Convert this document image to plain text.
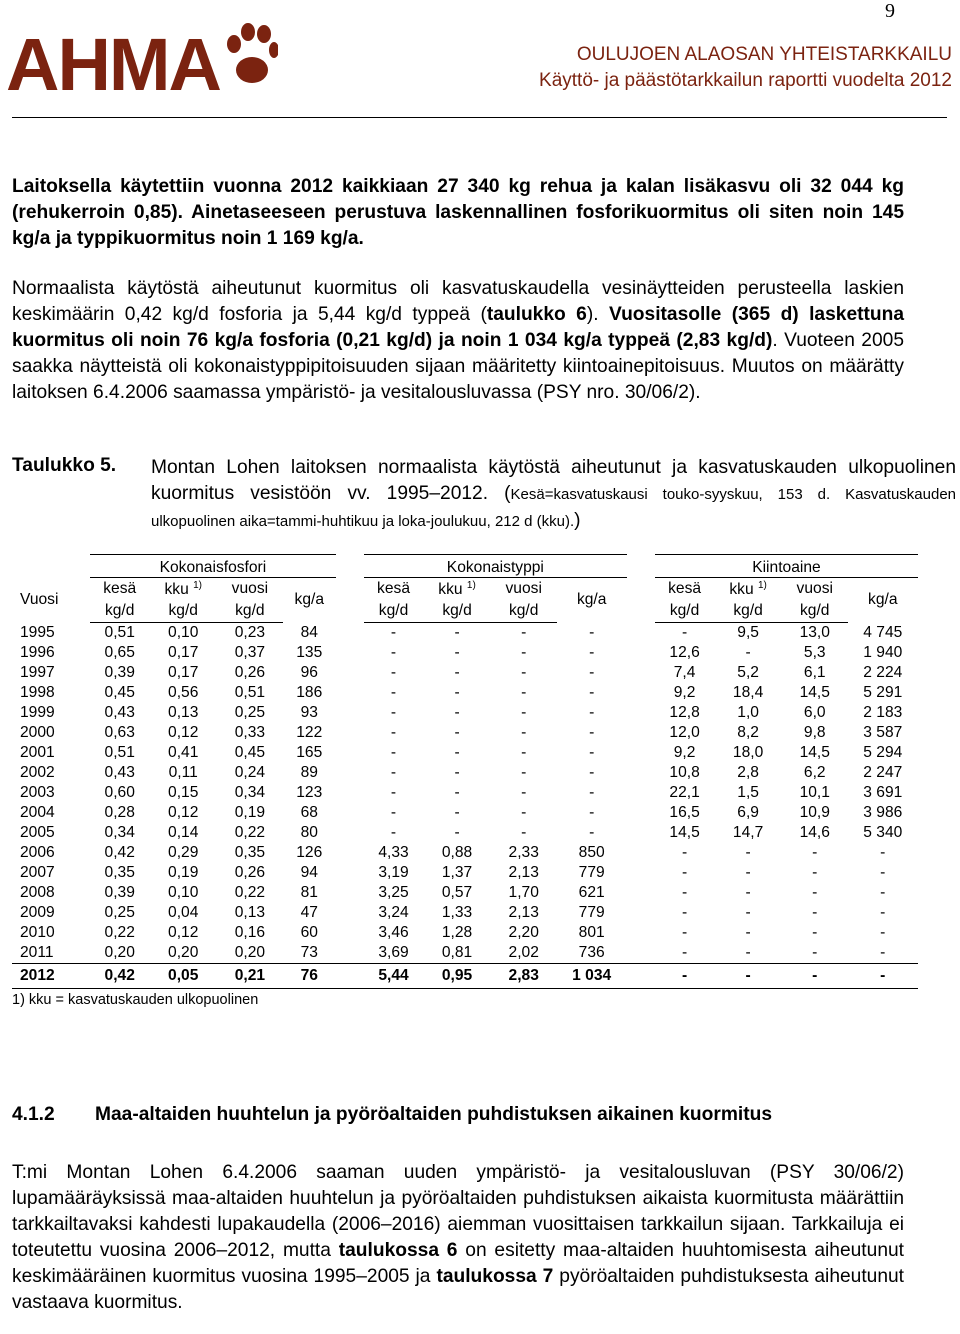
9
AHMA	OULUJOEN ALAOSAN YHTEISTARKKAILU
Käyttö- ja päästötarkkailun raportti vuodelta 2012
Laitoksella käytettiin vuonna 2012 kaikkiaan 27 340 kg rehua ja kalan lisäkasvu oli 32 044 kg (rehukerroin 0,85). Ainetaseeseen perustuva laskennallinen fosforikuormitus oli siten noin 145 kg/a ja typpikuormitus noin 1 169 kg/a.
Normaalista käytöstä aiheutunut kuormitus oli kasvatuskaudella vesinäytteiden perusteella laskien keskimäärin 0,42 kg/d fosforia ja 5,44 kg/d typpeä (taulukko 6). Vuositasolle (365 d) laskettuna kuormitus oli noin 76 kg/a fosforia (0,21 kg/d) ja noin 1 034 kg/a typpeä (2,83 kg/d). Vuoteen 2005 saakka näytteistä oli kokonaistyppipitoisuuden sijaan määritetty kiintoainepitoisuus. Muutos on määrätty laitoksen 6.4.2006 saamassa ympäristö- ja vesitalousluvassa (PSY nro. 30/06/2).
Taulukko 5. Montan Lohen laitoksen normaalista käytöstä aiheutunut ja kasvatuskauden ulkopuolinen kuormitus vesistöön vv. 1995–2012. (Kesä=kasvatuskausi touko-syyskuu, 153 d. Kasvatuskauden ulkopuolinen aika=tammi-huhtikuu ja loka-joulukuu, 212 d (kku).)
	Kokonaisfosfori					Kokonaistyppi					Kiintoaine			
Vuosi	kesä	kku $^{1)}$	vuosi	kg/a		kesä	kku $^{1)}$	vuosi	kg/a		kesä	kku $^{1)}$	vuosi	kg/a
	kg/d	kg/d	kg/d			kg/d	kg/d	kg/d			kg/d	kg/d	kg/d	
1995	0,51	0,10	0,23	84		-	-	-	-		-	9,5	13,0	4 745
1996	0,65	0,17	0,37	135		-	-	-	-		12,6	-	5,3	1 940
1997	0,39	0,17	0,26	96		-	-	-	-		7,4	5,2	6,1	2 224
1998	0,45	0,56	0,51	186		-	-	-	-		9,2	18,4	14,5	5 291
1999	0,43	0,13	0,25	93		-	-	-	-		12,8	1,0	6,0	2 183
2000	0,63	0,12	0,33	122		-	-	-	-		12,0	8,2	9,8	3 587
2001	0,51	0,41	0,45	165		-	-	-	-		9,2	18,0	14,5	5 294
2002	0,43	0,11	0,24	89		-	-	-	-		10,8	2,8	6,2	2 247
2003	0,60	0,15	0,34	123		-	-	-	-		22,1	1,5	10,1	3 691
2004	0,28	0,12	0,19	68		-	-	-	-		16,5	6,9	10,9	3 986
2005	0,34	0,14	0,22	80		-	-	-	-		14,5	14,7	14,6	5 340
2006	0,42	0,29	0,35	126		4,33	0,88	2,33	850		-	-	-	-
2007	0,35	0,19	0,26	94		3,19	1,37	2,13	779		-	-	-	-
2008	0,39	0,10	0,22	81		3,25	0,57	1,70	621		-	-	-	-
2009	0,25	0,04	0,13	47		3,24	1,33	2,13	779		-	-	-	-
2010	0,22	0,12	0,16	60		3,46	1,28	2,20	801		-	-	-	-
2011	0,20	0,20	0,20	73		3,69	0,81	2,02	736		-	-	-	-
2012	0,42	0,05	0,21	76		5,44	0,95	2,83	1 034		-	-	-	-
1) kku = kasvatuskauden ulkopuolinen
4.1.2 Maa-altaiden huuhtelun ja pyöröaltaiden puhdistuksen aikainen kuormitus
T:mi Montan Lohen 6.4.2006 saaman uuden ympäristö- ja vesitalousluvan (PSY 30/06/2) lupamääräyksissä maa-altaiden huuhtelun ja pyöröaltaiden puhdistuksen aikaista kuormitusta määrättiin tarkkailtavaksi kahdesti lupakaudella (2006–2016) aiemman vuosittaisen tarkkailun sijaan. Tarkkailuja ei toteutettu vuosina 2006–2012, mutta taulukossa 6 on esitetty maa-altaiden huuhtomisesta aiheutunut keskimääräinen kuormitus vuosina 1995–2005 ja taulukossa 7 pyöröaltaiden puhdistuksesta aiheutunut vastaava kuormitus.
